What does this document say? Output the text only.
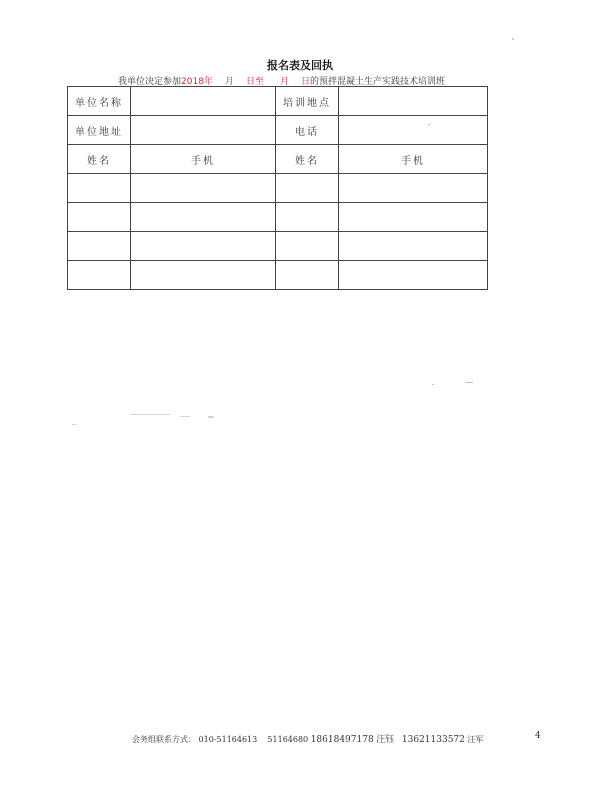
报名表及回执
我单位决定参加2018年 月 日至 月 日的预拌混凝土生产实践技术培训班
单位名称		培训地点	
单位地址		电话	
姓名	手机	姓名	手机

会务组联系方式： 010-51164613 51164680 18618497178 汪钰 13621133572 汪军	4
